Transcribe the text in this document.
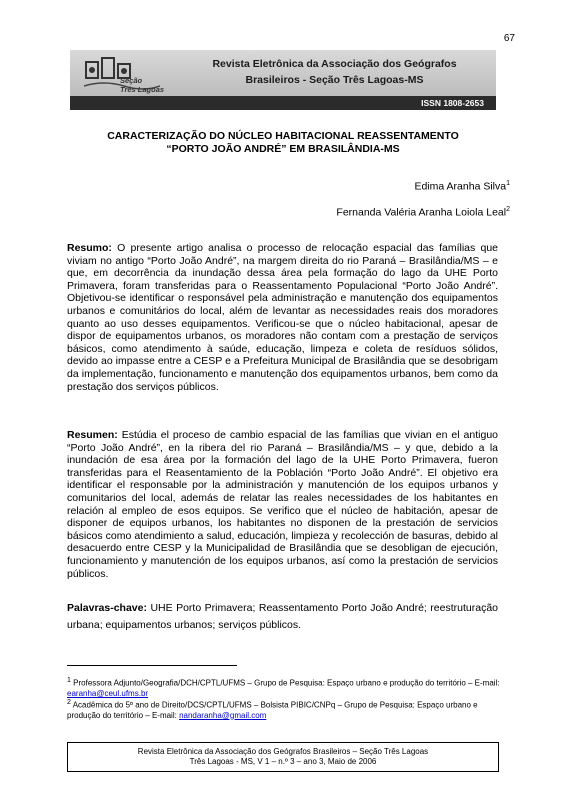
67
Seção
Três Lagoas
Revista Eletrônica da Associação dos Geógrafos
Brasileiros - Seção Três Lagoas-MS
ISSN 1808-2653
CARACTERIZAÇÃO DO NÚCLEO HABITACIONAL REASSENTAMENTO
“PORTO JOÃO ANDRÉ” EM BRASILÂNDIA-MS
Edima Aranha Silva$^1$
Fernanda Valéria Aranha Loiola Leal$^2$
Resumo: O presente artigo analisa o processo de relocação espacial das famílias que viviam no antigo “Porto João André”, na margem direita do rio Paraná – Brasilândia/MS – e que, em decorrência da inundação dessa área pela formação do lago da UHE Porto Primavera, foram transferidas para o Reassentamento Populacional “Porto João André”. Objetivou-se identificar o responsável pela administração e manutenção dos equipamentos urbanos e comunitários do local, além de levantar as necessidades reais dos moradores quanto ao uso desses equipamentos. Verificou-se que o núcleo habitacional, apesar de dispor de equipamentos urbanos, os moradores não contam com a prestação de serviços básicos, como atendimento à saúde, educação, limpeza e coleta de resíduos sólidos, devido ao impasse entre a CESP e a Prefeitura Municipal de Brasilândia que se desobrigam da implementação, funcionamento e manutenção dos equipamentos urbanos, bem como da prestação dos serviços públicos.
Resumen: Estúdia el proceso de cambio espacial de las famílias que vivian en el antiguo “Porto João André”, en la ribera del rio Paraná – Brasilândia/MS – y que, debido a la inundación de esa área por la formación del lago de la UHE Porto Primavera, fueron transferidas para el Reasentamiento de la Población “Porto João André”. El objetivo era identificar el responsable por la administración y manutención de los equipos urbanos y comunitarios del local, además de relatar las reales necessidades de los habitantes en relación al empleo de esos equipos. Se verifico que el núcleo de habitación, apesar de disponer de equipos urbanos, los habitantes no disponen de la prestación de servicios básicos como atendimiento a salud, educación, limpieza y recolección de basuras, debido al desacuerdo entre CESP y la Municipalidad de Brasilândia que se desobligan de ejecución, funcionamiento y manutención de los equipos urbanos, así como la prestación de servicios públicos.
Palavras-chave: UHE Porto Primavera; Reassentamento Porto João André; reestruturação urbana; equipamentos urbanos; serviços públicos.
$^1$ Professora Adjunto/Geografia/DCH/CPTL/UFMS – Grupo de Pesquisa: Espaço urbano e produção do território – E-mail: earanha@ceul.ufms.br
$^2$ Acadêmica do 5º ano de Direito/DCS/CPTL/UFMS – Bolsista PIBIC/CNPq – Grupo de Pesquisa: Espaço urbano e produção do território – E-mail: nandaranha@gmail.com
Revista Eletrônica da Associação dos Geógrafos Brasileiros – Seção Três Lagoas
Três Lagoas - MS, V 1 – n.º 3 – ano 3, Maio de 2006
